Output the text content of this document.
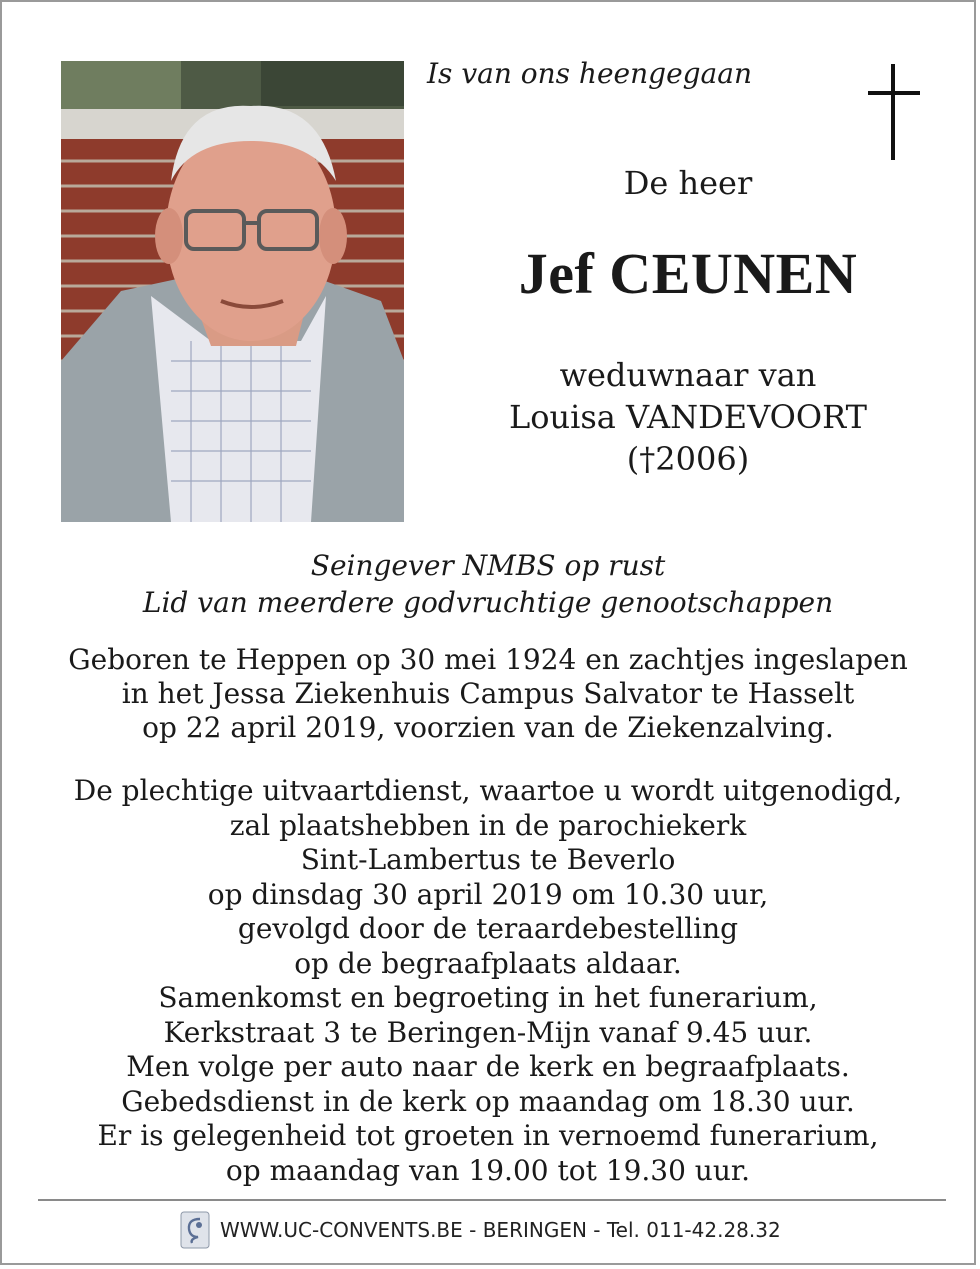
Is van ons heengegaan
De heer
Jef CEUNEN
weduwnaar van
Louisa VANDEVOORT
(†2006)
Seingever NMBS op rust
Lid van meerdere godvruchtige genootschappen
Geboren te Heppen op 30 mei 1924 en zachtjes ingeslapen
in het Jessa Ziekenhuis Campus Salvator te Hasselt
op 22 april 2019, voorzien van de Ziekenzalving.
De plechtige uitvaartdienst, waartoe u wordt uitgenodigd,
zal plaatshebben in de parochiekerk
Sint-Lambertus te Beverlo
op dinsdag 30 april 2019 om 10.30 uur,
gevolgd door de teraardebestelling
op de begraafplaats aldaar.
Samenkomst en begroeting in het funerarium,
Kerkstraat 3 te Beringen-Mijn vanaf 9.45 uur.
Men volge per auto naar de kerk en begraafplaats.
Gebedsdienst in de kerk op maandag om 18.30 uur.
Er is gelegenheid tot groeten in vernoemd funerarium,
op maandag van 19.00 tot 19.30 uur.
WWW.UC-CONVENTS.BE - BERINGEN - Tel. 011-42.28.32
